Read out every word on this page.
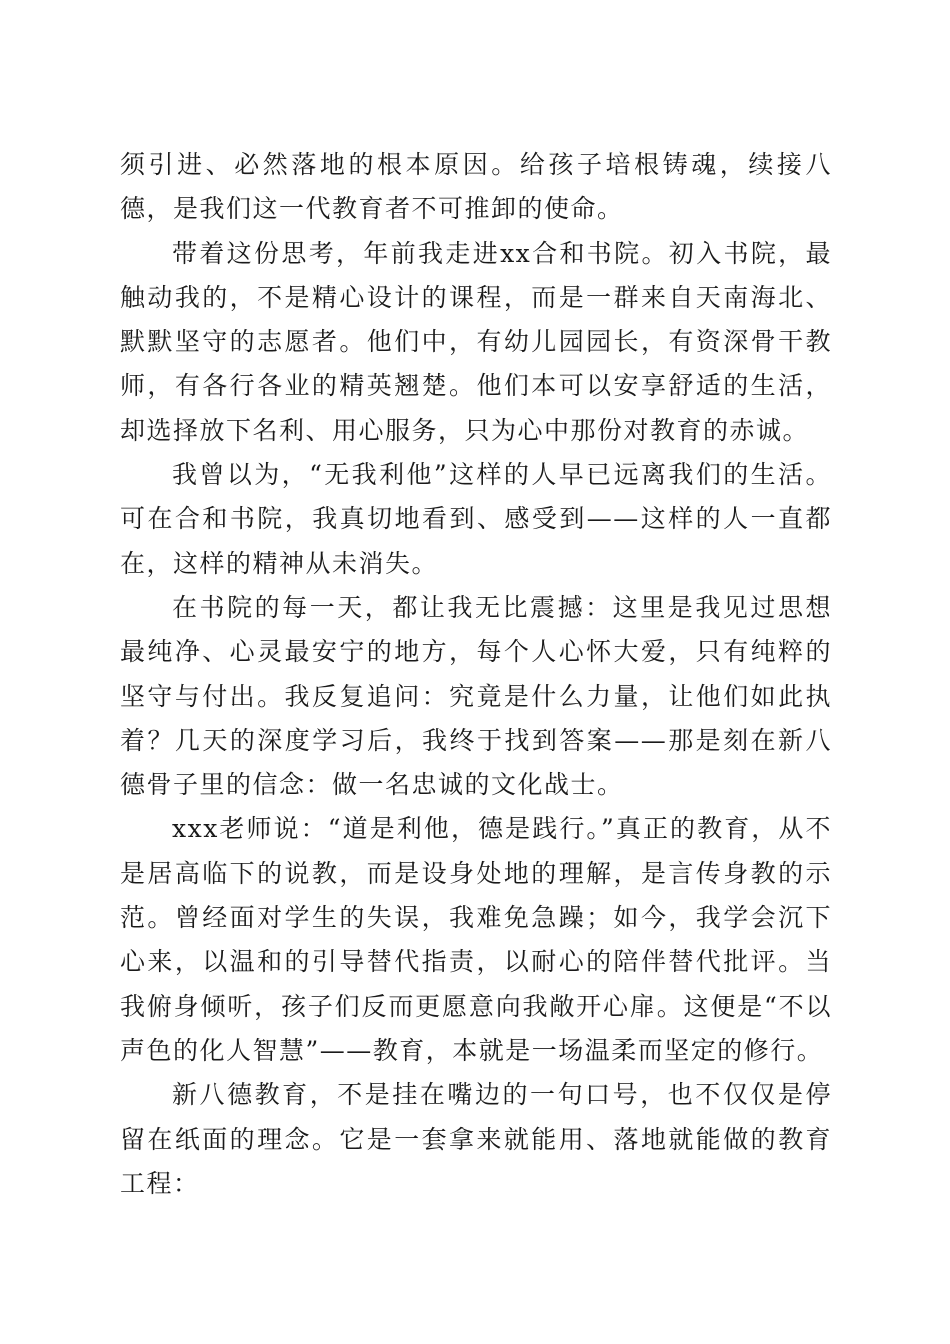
须引进、必然落地的根本原因。给孩子培根铸魂，续接八德，是我们这一代教育者不可推卸的使命。

带着这份思考，年前我走进xx合和书院。初入书院，最触动我的，不是精心设计的课程，而是一群来自天南海北、默默坚守的志愿者。他们中，有幼儿园园长，有资深骨干教师，有各行各业的精英翘楚。他们本可以安享舒适的生活，却选择放下名利、用心服务，只为心中那份对教育的赤诚。

我曾以为，“无我利他”这样的人早已远离我们的生活。可在合和书院，我真切地看到、感受到——这样的人一直都在，这样的精神从未消失。

在书院的每一天，都让我无比震撼：这里是我见过思想最纯净、心灵最安宁的地方，每个人心怀大爱，只有纯粹的坚守与付出。我反复追问：究竟是什么力量，让他们如此执着？几天的深度学习后，我终于找到答案——那是刻在新八德骨子里的信念：做一名忠诚的文化战士。

xxx老师说：“道是利他，德是践行。”真正的教育，从不是居高临下的说教，而是设身处地的理解，是言传身教的示范。曾经面对学生的失误，我难免急躁；如今，我学会沉下心来，以温和的引导替代指责，以耐心的陪伴替代批评。当我俯身倾听，孩子们反而更愿意向我敞开心扉。这便是“不以声色的化人智慧”——教育，本就是一场温柔而坚定的修行。

新八德教育，不是挂在嘴边的一句口号，也不仅仅是停留在纸面的理念。它是一套拿来就能用、落地就能做的教育工程：
